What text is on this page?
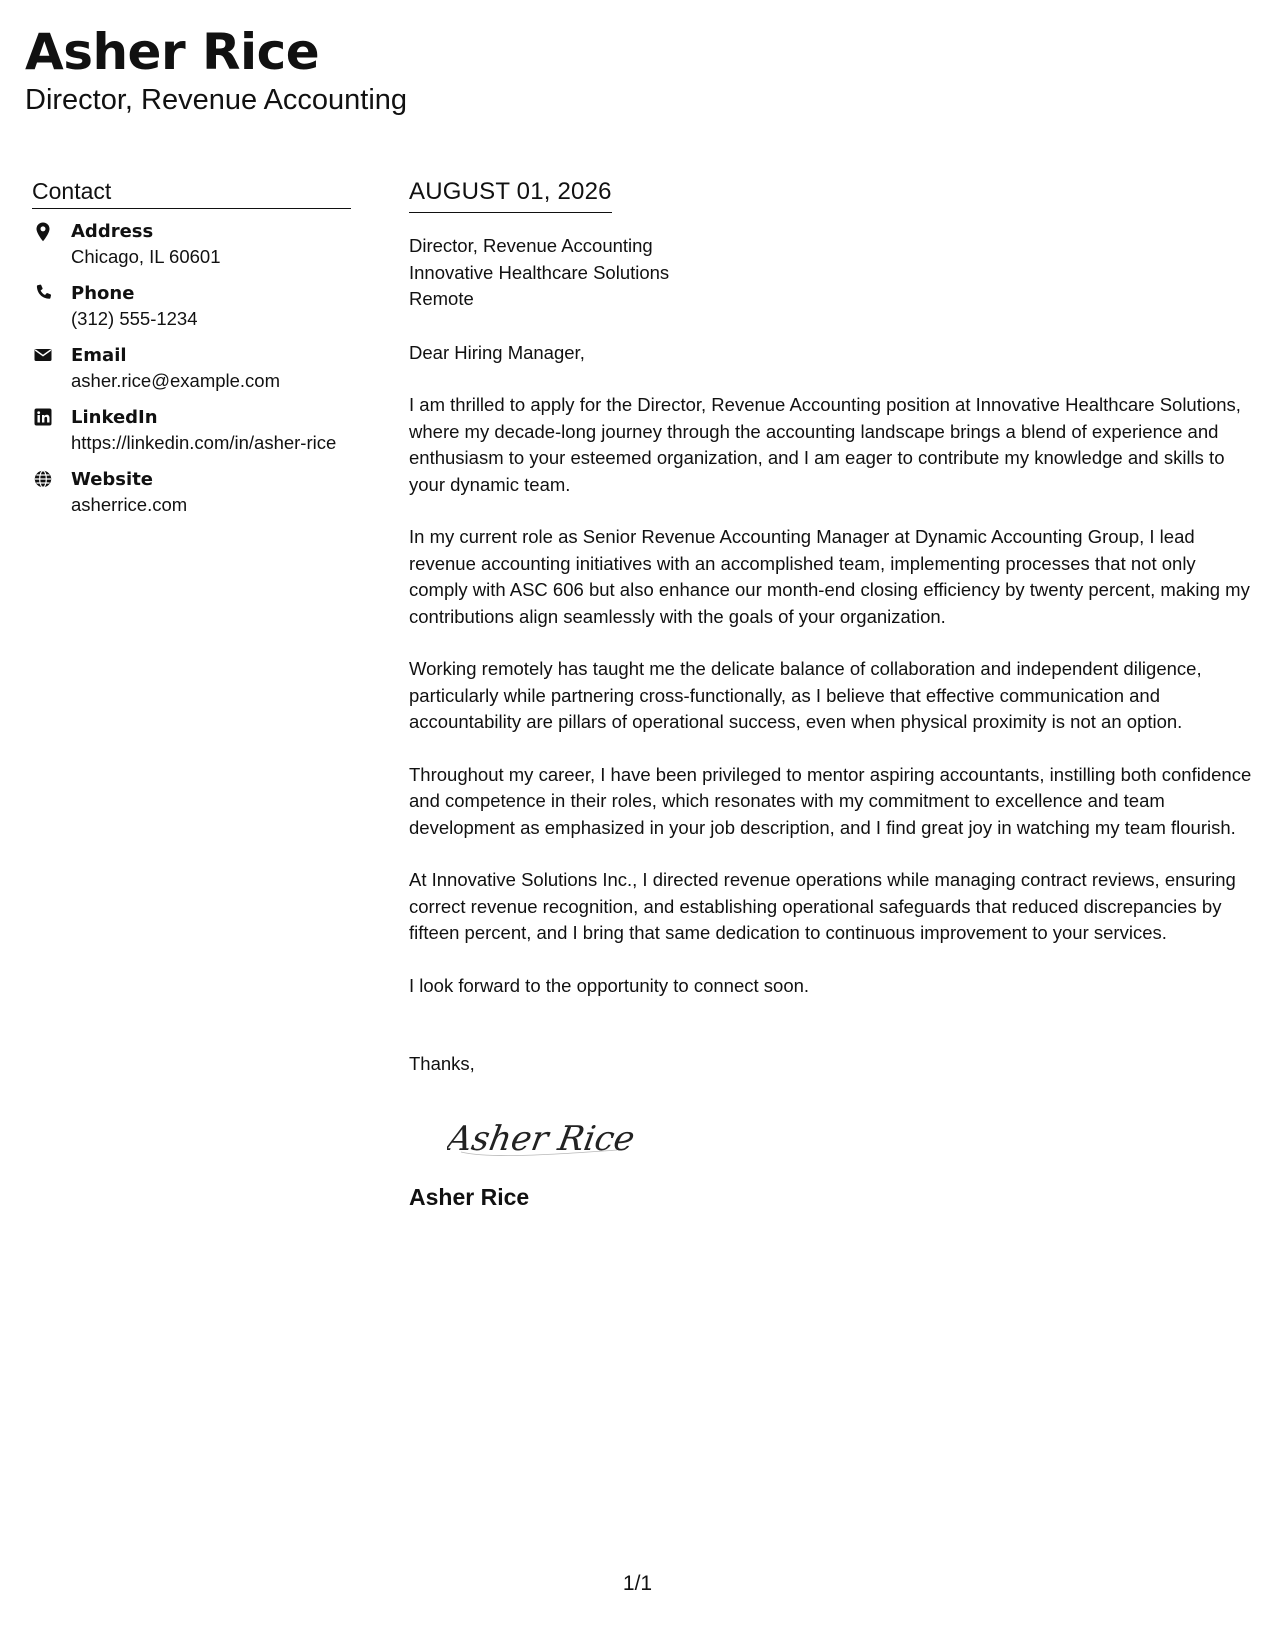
Asher Rice
Director, Revenue Accounting
Contact
Address
Chicago, IL 60601
Phone
(312) 555-1234
Email
asher.rice@example.com
LinkedIn
https://linkedin.com/in/asher-rice
Website
asherrice.com
AUGUST 01, 2026
Director, Revenue Accounting
Innovative Healthcare Solutions
Remote

Dear Hiring Manager,

I am thrilled to apply for the Director, Revenue Accounting position at Innovative Healthcare Solutions, where my decade-long journey through the accounting landscape brings a blend of experience and enthusiasm to your esteemed organization, and I am eager to contribute my knowledge and skills to your dynamic team.

In my current role as Senior Revenue Accounting Manager at Dynamic Accounting Group, I lead revenue accounting initiatives with an accomplished team, implementing processes that not only comply with ASC 606 but also enhance our month-end closing efficiency by twenty percent, making my contributions align seamlessly with the goals of your organization.

Working remotely has taught me the delicate balance of collaboration and independent diligence, particularly while partnering cross-functionally, as I believe that effective communication and accountability are pillars of operational success, even when physical proximity is not an option.

Throughout my career, I have been privileged to mentor aspiring accountants, instilling both confidence and competence in their roles, which resonates with my commitment to excellence and team development as emphasized in your job description, and I find great joy in watching my team flourish.

At Innovative Solutions Inc., I directed revenue operations while managing contract reviews, ensuring correct revenue recognition, and establishing operational safeguards that reduced discrepancies by fifteen percent, and I bring that same dedication to continuous improvement to your services.

I look forward to the opportunity to connect soon.

Thanks,

Asher Rice
Asher Rice
1/1
